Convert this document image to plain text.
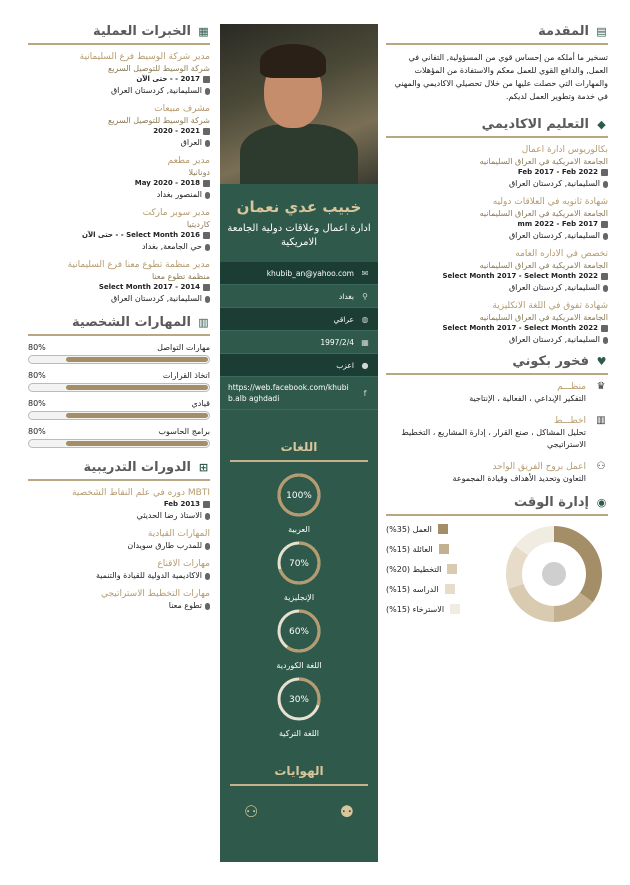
▦
الخبرات العملية
مدير شركة الوسيط فرع السليمانية
شركة الوسيط للتوصيل السريع
2017 - - حتى الآن
السليمانية, كردستان العراق
مشرف مبيعات
شركة الوسيط للتوصيل السريع
2021 - 2020
العراق
مدير مطعم
دونانيلا
May 2020 - 2018
المنصور بغداد
مدير سوبر ماركت
كارديتيا
Select Month 2016 - - حتى الآن
حي الجامعة, بغداد
مدير منظمة تطوع معنا فرع السليمانية
منظمة تطوع معنا
Select Month 2017 - 2014
السليمانية, كردستان العراق
▥
المهارات الشخصية
مهارات التواصل
80%
اتخاذ القرارات
80%
قيادي
80%
برامج الحاسوب
80%
⊞
الدورات التدريبية
MBTI دوره في علم النقاط الشخصية
Feb 2013
الاستاذ رضا الحديثي
المهارات القيادية
للمدرب طارق سويدان
مهارات الاقناع
الاكاديمية الدولية للقيادة والتنمية
مهارات التخطيط الاستراتيجي
تطوع معنا
خبيب عدي نعمان
ادارة اعمال وعلاقات دولية الجامعة الامريكية
✉
khubib_an@yahoo.com
⚲
بغداد
◍
عراقي
▦
1997/2/4
●
اعزب
https://web.facebook.com/khubib.alb aghdadi
f
اللغات
100%
العربية
70%
الإنجليزية
60%
اللغة الكوردية
30%
اللغة التركية
الهوايات
⚉
⚇
▤
المقدمة
تسخير ما أملكه من إحساس قوي من المسؤولية, التفاني في العمل, والدافع القوي للعمل معكم والاستفادة من المؤهلات والمهارات التي حصلت عليها من خلال تحصيلي الاكاديمي والمهني في خدمة وتطوير العمل لديكم.
◆
التعليم الاكاديمي
بكالوريوس ادارة اعمال
الجامعة الامريكية في العراق السليمانيه
Feb 2017 - Feb 2022
السليمانية, كردستان العراق
شهادة ثانويه في العلاقات دوليه
الجامعة الامريكية في العراق السليمانيه
mm 2022 - Feb 2017
السليمانية, كردستان العراق
تخصص في الاداره العامه
الجامعة الامريكية في العراق السليمانيه
Select Month 2017 - Select Month 2022
السليمانية, كردستان العراق
شهادة تفوق في اللغة الانكليزية
الجامعة الامريكية في العراق السليمانيه
Select Month 2017 - Select Month 2022
السليمانية, كردستان العراق
♥
فخور بكوني
♛
منظـــم
التفكير الإبداعي ، الفعالية ، الإنتاجية
▥
اخطـــط
تحليل المشاكل ، صنع القرار ، إدارة المشاريع ، التخطيط الاستراتيجي
⚇
اعمل بروح الفريق الواحد
التعاون وتحديد الأهداف وقيادة المجموعة
◉
إدارة الوقت
العمل (35%)
العائلة (15%)
التخطيط (20%)
الدراسه (15%)
الاسترخاء (15%)
